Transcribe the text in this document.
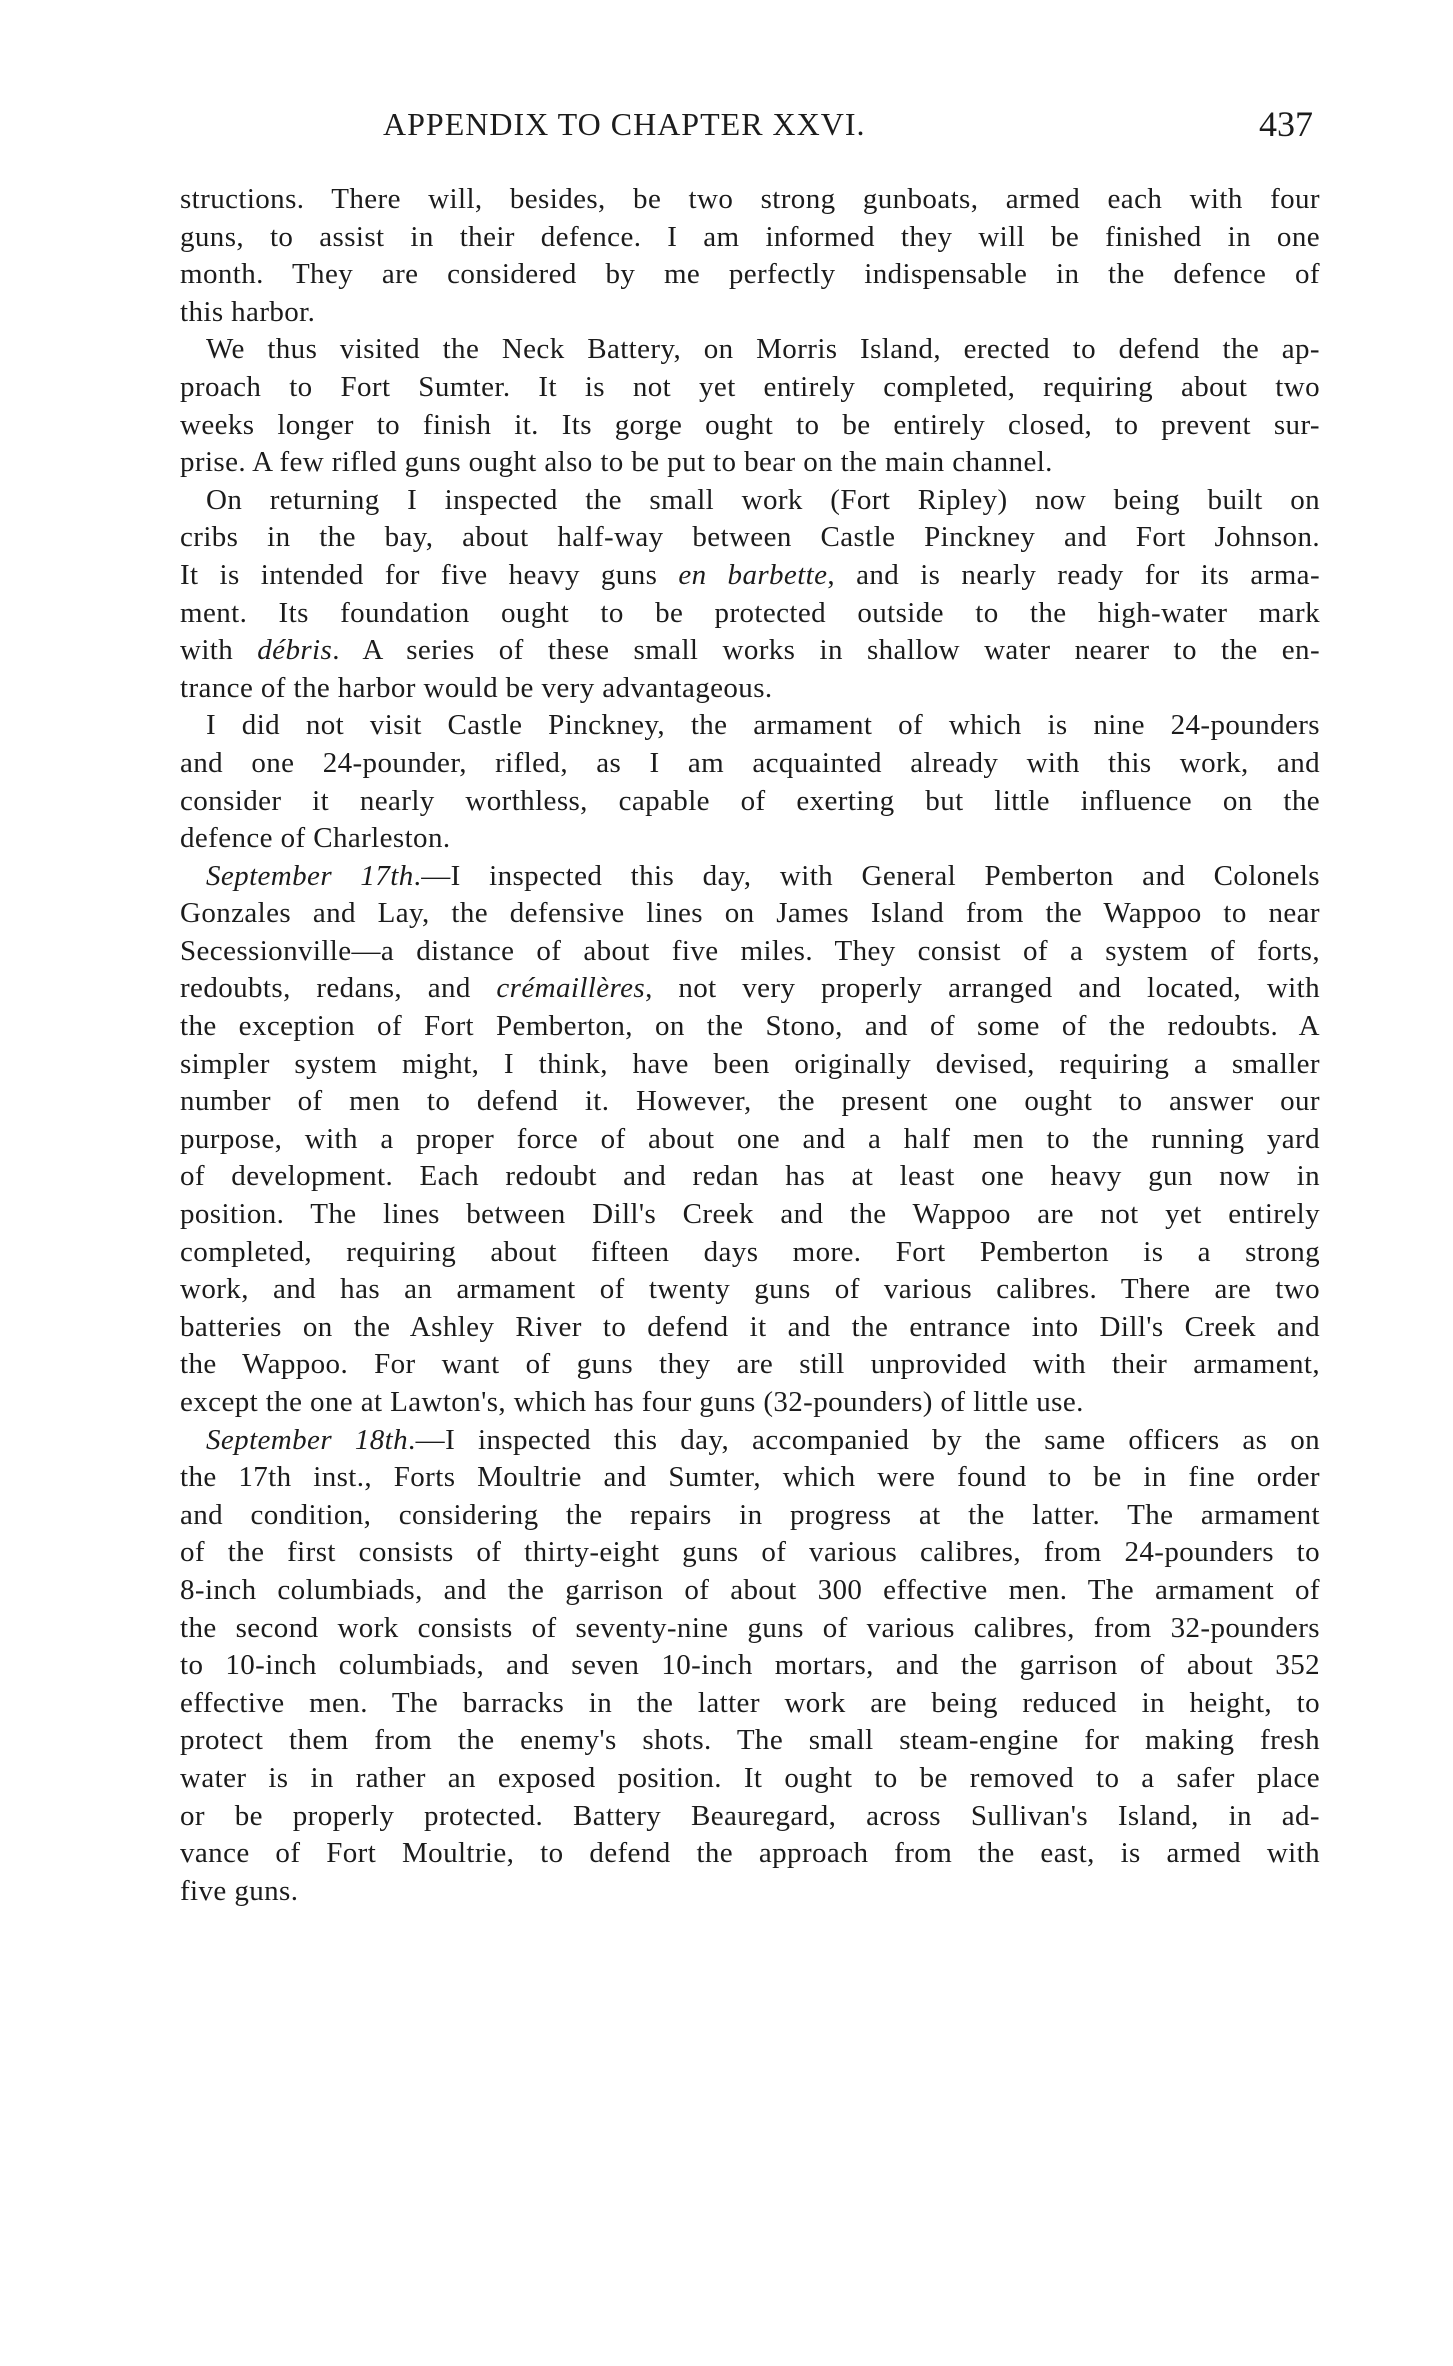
APPENDIX TO CHAPTER XXVI.	437
structions. There will, besides, be two strong gunboats, armed each with four
guns, to assist in their defence. I am informed they will be finished in one
month. They are considered by me perfectly indispensable in the defence of
this harbor.
We thus visited the Neck Battery, on Morris Island, erected to defend the ap-
proach to Fort Sumter. It is not yet entirely completed, requiring about two
weeks longer to finish it. Its gorge ought to be entirely closed, to prevent sur-
prise. A few rifled guns ought also to be put to bear on the main channel.
On returning I inspected the small work (Fort Ripley) now being built on
cribs in the bay, about half-way between Castle Pinckney and Fort Johnson.
It is intended for five heavy guns en barbette, and is nearly ready for its arma-
ment. Its foundation ought to be protected outside to the high-water mark
with débris. A series of these small works in shallow water nearer to the en-
trance of the harbor would be very advantageous.
I did not visit Castle Pinckney, the armament of which is nine 24-pounders
and one 24-pounder, rifled, as I am acquainted already with this work, and
consider it nearly worthless, capable of exerting but little influence on the
defence of Charleston.
September 17th.—I inspected this day, with General Pemberton and Colonels
Gonzales and Lay, the defensive lines on James Island from the Wappoo to near
Secessionville—a distance of about five miles. They consist of a system of forts,
redoubts, redans, and crémaillères, not very properly arranged and located, with
the exception of Fort Pemberton, on the Stono, and of some of the redoubts. A
simpler system might, I think, have been originally devised, requiring a smaller
number of men to defend it. However, the present one ought to answer our
purpose, with a proper force of about one and a half men to the running yard
of development. Each redoubt and redan has at least one heavy gun now in
position. The lines between Dill's Creek and the Wappoo are not yet entirely
completed, requiring about fifteen days more. Fort Pemberton is a strong
work, and has an armament of twenty guns of various calibres. There are two
batteries on the Ashley River to defend it and the entrance into Dill's Creek and
the Wappoo. For want of guns they are still unprovided with their armament,
except the one at Lawton's, which has four guns (32-pounders) of little use.
September 18th.—I inspected this day, accompanied by the same officers as on
the 17th inst., Forts Moultrie and Sumter, which were found to be in fine order
and condition, considering the repairs in progress at the latter. The armament
of the first consists of thirty-eight guns of various calibres, from 24-pounders to
8-inch columbiads, and the garrison of about 300 effective men. The armament of
the second work consists of seventy-nine guns of various calibres, from 32-pounders
to 10-inch columbiads, and seven 10-inch mortars, and the garrison of about 352
effective men. The barracks in the latter work are being reduced in height, to
protect them from the enemy's shots. The small steam-engine for making fresh
water is in rather an exposed position. It ought to be removed to a safer place
or be properly protected. Battery Beauregard, across Sullivan's Island, in ad-
vance of Fort Moultrie, to defend the approach from the east, is armed with
five guns.
